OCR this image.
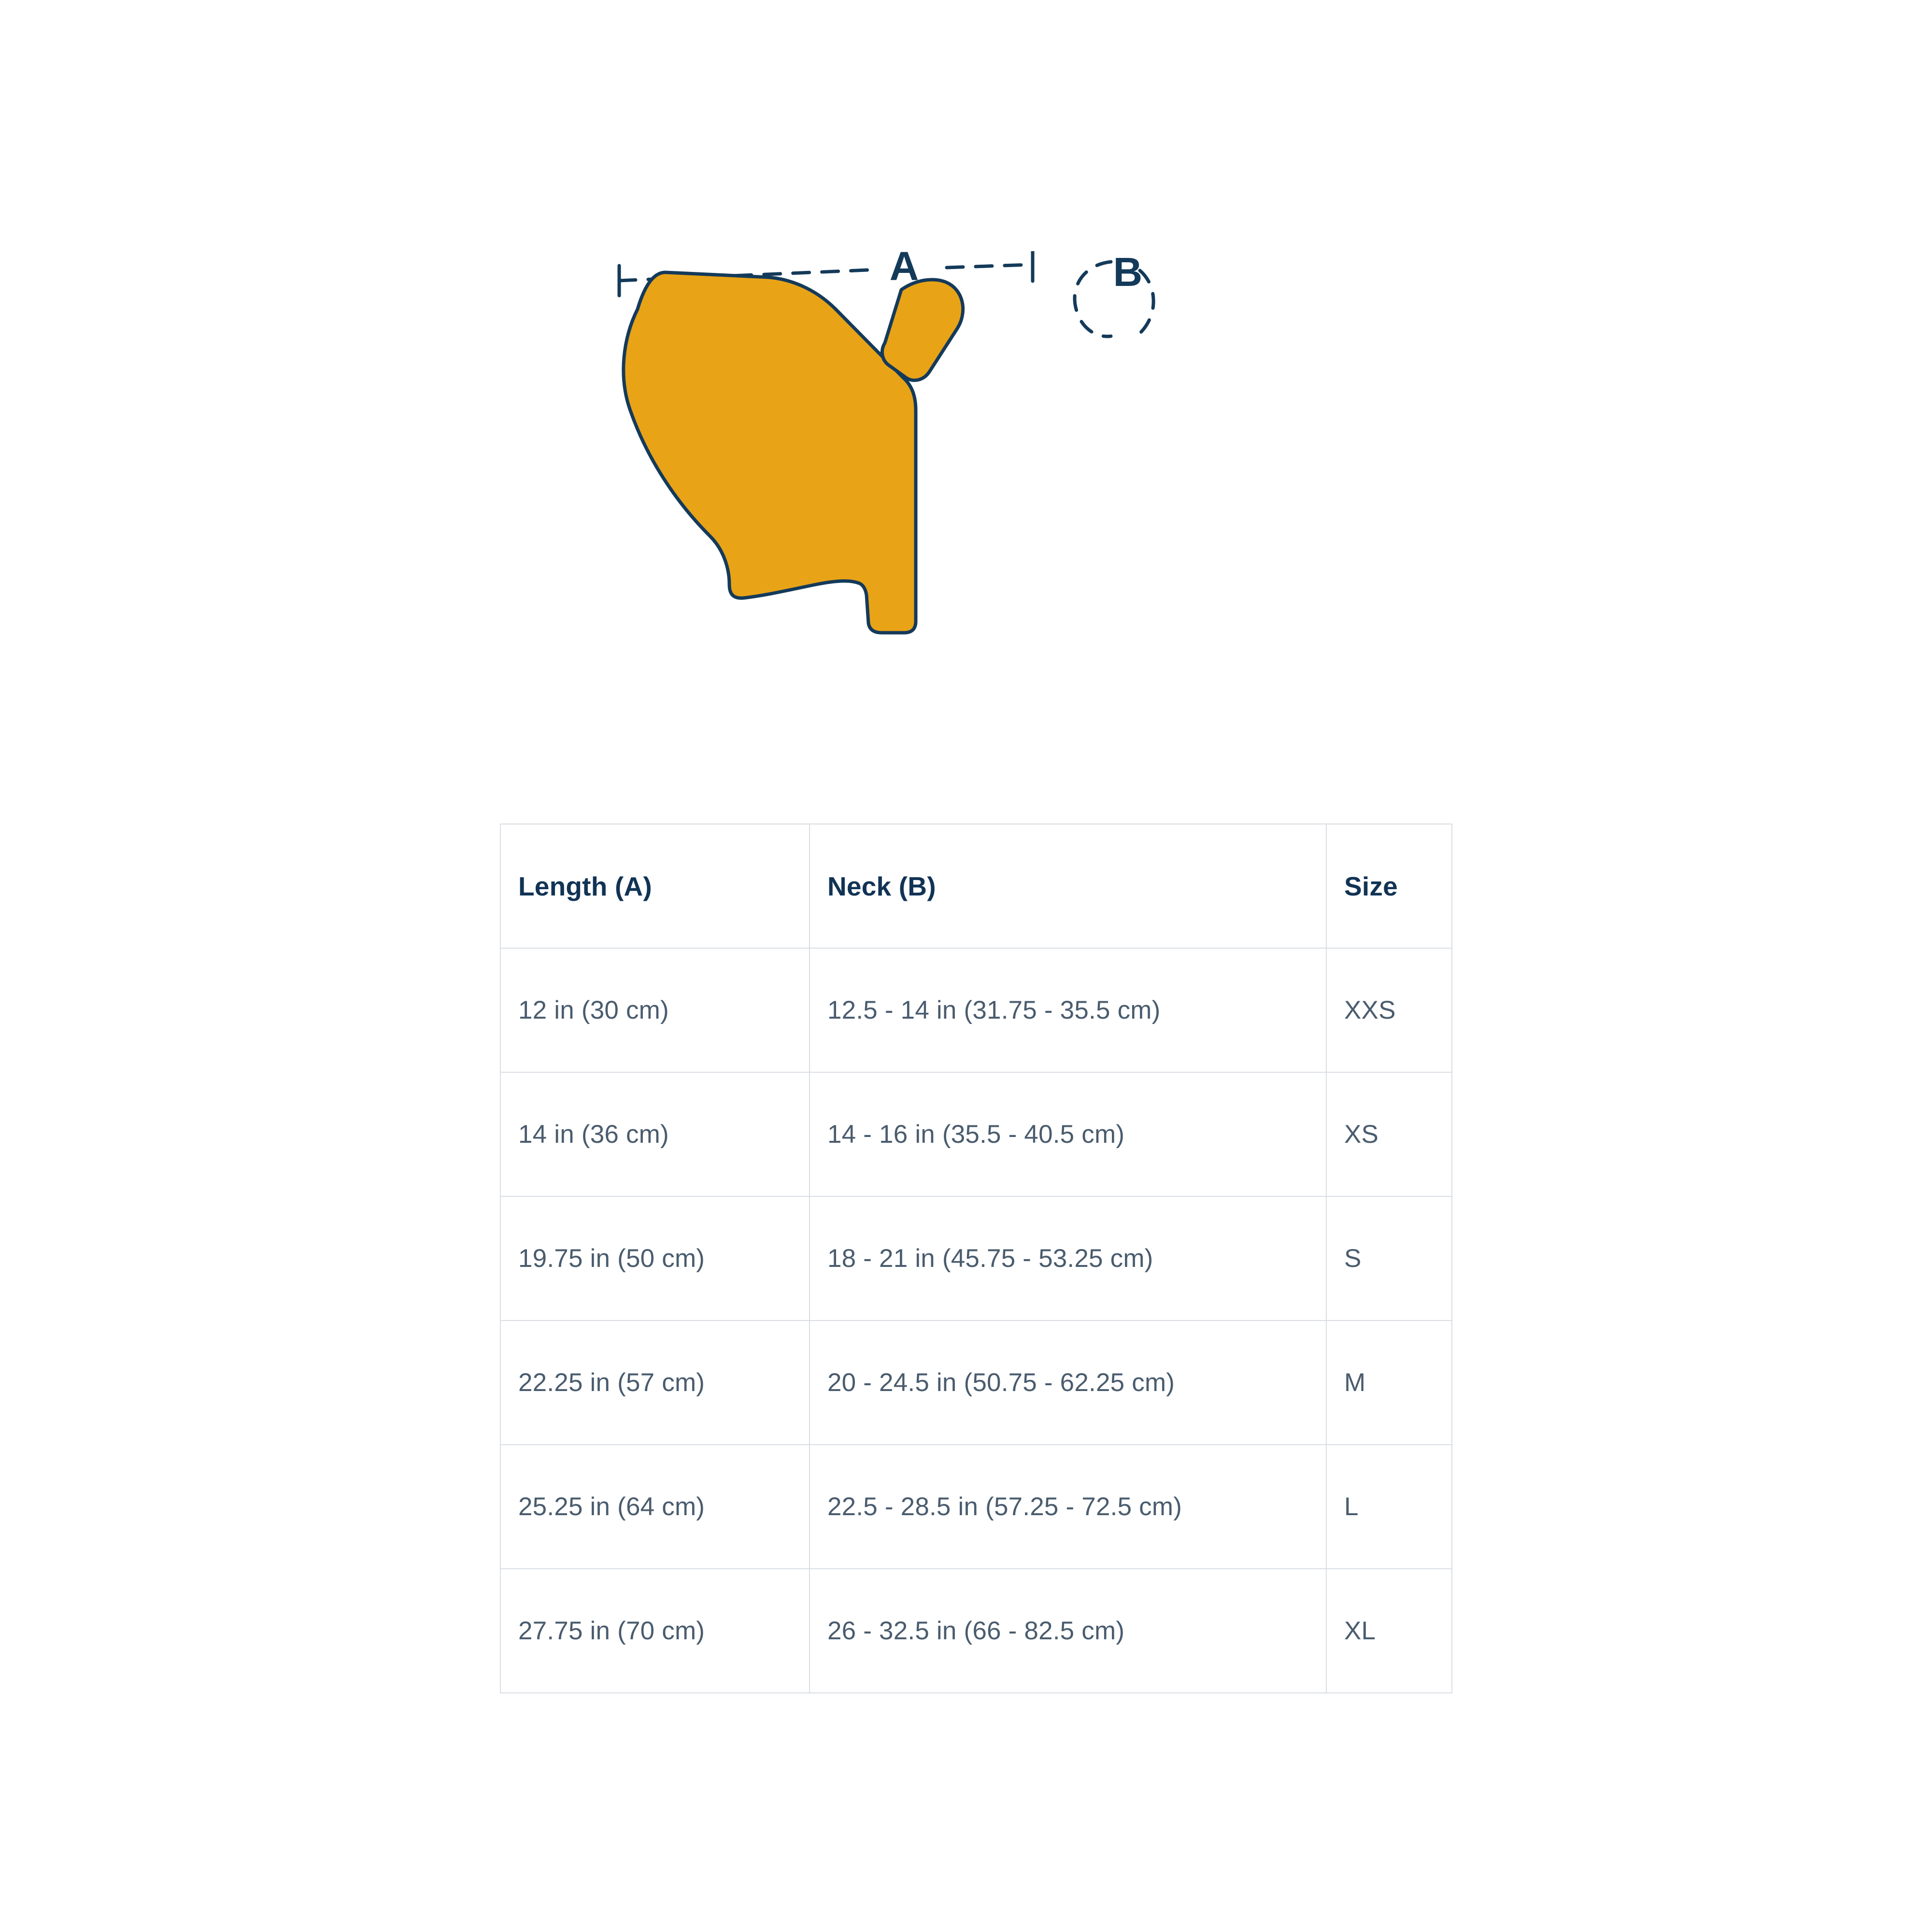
A	B
Length (A)	Neck (B)	Size
12 in (30 cm)	12.5 - 14 in (31.75 - 35.5 cm)	XXS
14 in (36 cm)	14 - 16 in (35.5 - 40.5 cm)	XS
19.75 in (50 cm)	18 - 21 in (45.75 - 53.25 cm)	S
22.25 in (57 cm)	20 - 24.5 in (50.75 - 62.25 cm)	M
25.25 in (64 cm)	22.5 - 28.5 in (57.25 - 72.5 cm)	L
27.75 in (70 cm)	26 - 32.5 in (66 - 82.5 cm)	XL
